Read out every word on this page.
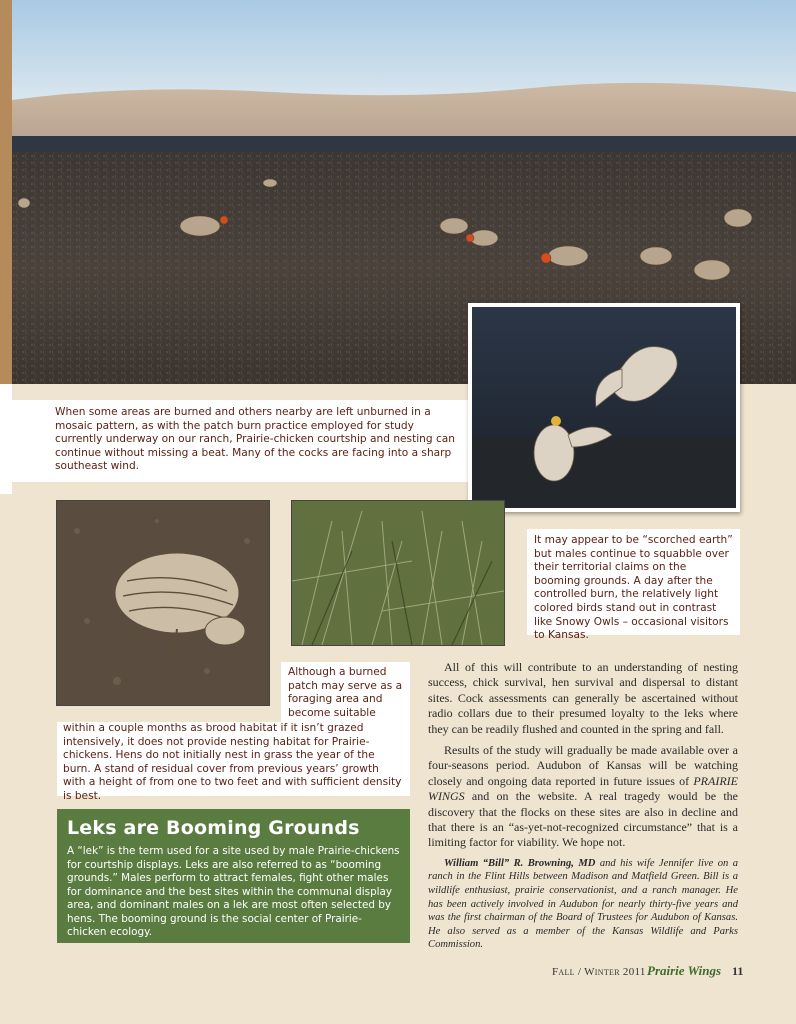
When some areas are burned and others nearby are left unburned in a mosaic pattern, as with the patch burn practice employed for study currently underway on our ranch, Prairie-chicken courtship and nesting can continue without missing a beat. Many of the cocks are facing into a sharp southeast wind.
It may appear to be “scorched earth” but males continue to squabble over their territorial claims on the booming grounds. A day after the controlled burn, the relatively light colored birds stand out in contrast like Snowy Owls – occasional visitors to Kansas.
Although a burned patch may serve as a foraging area and become suitable
within a couple months as brood habitat if it isn’t grazed intensively, it does not provide nesting habitat for Prairie-chickens. Hens do not initially nest in grass the year of the burn. A stand of residual cover from previous years’ growth with a height of from one to two feet and with sufficient density is best.
Leks are Booming Grounds
A “lek” is the term used for a site used by male Prairie-chickens for courtship displays. Leks are also referred to as “booming grounds.” Males perform to attract females, fight other males for dominance and the best sites within the communal display area, and dominant males on a lek are most often selected by hens. The booming ground is the social center of Prairie-chicken ecology.

All of this will contribute to an understanding of nesting success, chick survival, hen survival and dispersal to distant sites. Cock assessments can generally be ascertained without radio collars due to their presumed loyalty to the leks where they can be readily flushed and counted in the spring and fall.

Results of the study will gradually be made available over a four-seasons period. Audubon of Kansas will be watching closely and ongoing data reported in future issues of PRAIRIE WINGS and on the website. A real tragedy would be the discovery that the flocks on these sites are also in decline and that there is an “as-yet-not-recognized circumstance” that is a limiting factor for viability. We hope not.

William “Bill” R. Browning, MD and his wife Jennifer live on a ranch in the Flint Hills between Madison and Matfield Green. Bill is a wildlife enthusiast, prairie conservationist, and a ranch manager. He has been actively involved in Audubon for nearly thirty-five years and was the first chairman of the Board of Trustees for Audubon of Kansas. He also served as a member of the Kansas Wildlife and Parks Commission.

Fall / Winter 2011 Prairie Wings 11
